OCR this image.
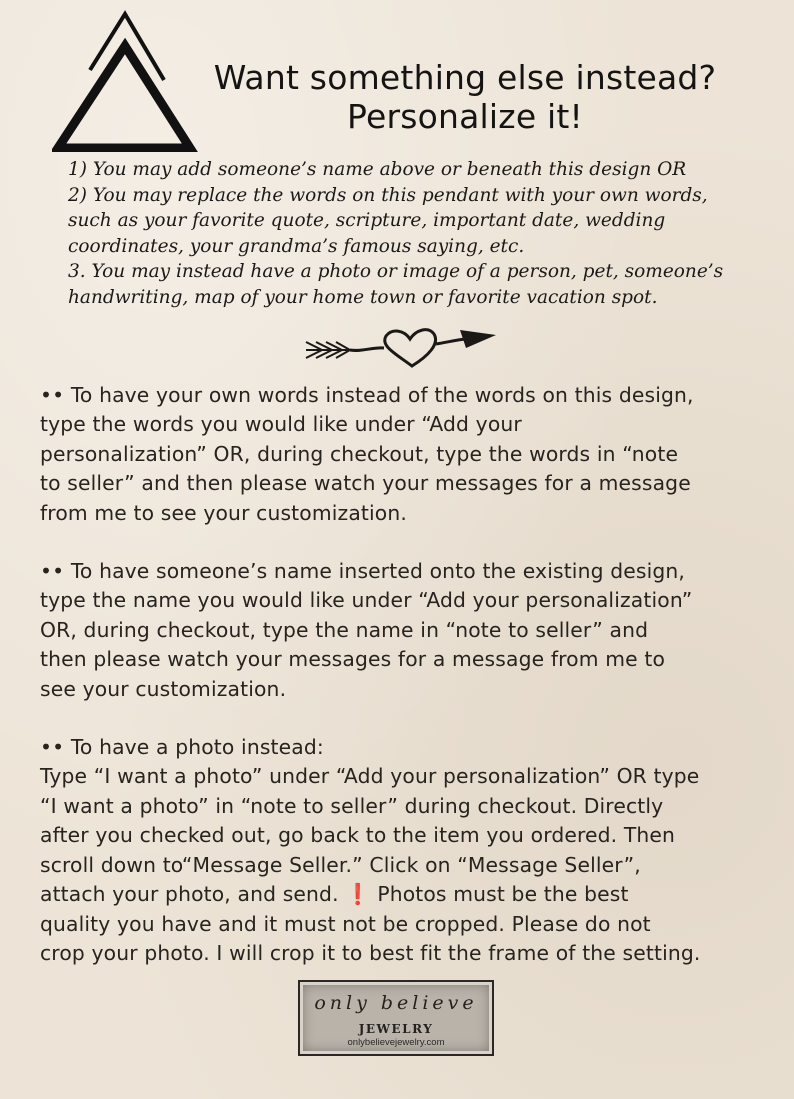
Want something else instead?
Personalize it!
1) You may add someone’s name above or beneath this design OR
2) You may replace the words on this pendant with your own words,
such as your favorite quote, scripture, important date, wedding
coordinates, your grandma’s famous saying, etc.
3. You may instead have a photo or image of a person, pet, someone’s
handwriting, map of your home town or favorite vacation spot.
•• To have your own words instead of the words on this design,
type the words you would like under “Add your
personalization” OR, during checkout, type the words in “note
to seller” and then please watch your messages for a message
from me to see your customization.
•• To have someone’s name inserted onto the existing design,
type the name you would like under “Add your personalization”
OR, during checkout, type the name in “note to seller” and
then please watch your messages for a message from me to
see your customization.
•• To have a photo instead:
Type “I want a photo” under “Add your personalization” OR type
“I want a photo” in “note to seller” during checkout. Directly
after you checked out, go back to the item you ordered. Then
scroll down to“Message Seller.” Click on “Message Seller”,
attach your photo, and send. ❗ Photos must be the best
quality you have and it must not be cropped. Please do not
crop your photo. I will crop it to best fit the frame of the setting.
only believe
JEWELRY
onlybelievejewelry.com
